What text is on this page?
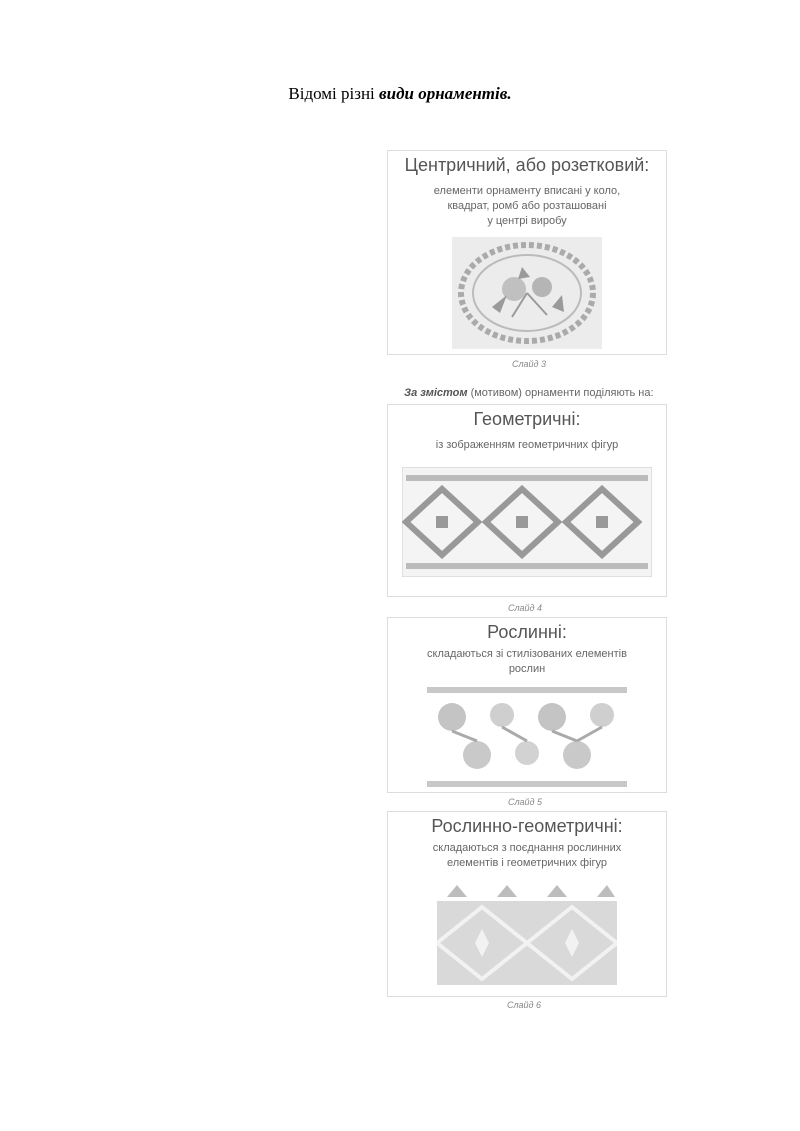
Відомі різні види орнаментів.
Центричний, або розетковий:
елементи орнаменту вписані у коло,
квадрат, ромб або розташовані
у центрі виробу
Слайд 3
За змістом (мотивом) орнаменти поділяють на:
Геометричні:
із зображенням геометричних фігур
Слайд 4
Рослинні:
складаються зі стилізованих елементів
рослин
Слайд 5
Рослинно-геометричні:
складаються з поєднання рослинних
елементів і геометричних фігур
Слайд 6
